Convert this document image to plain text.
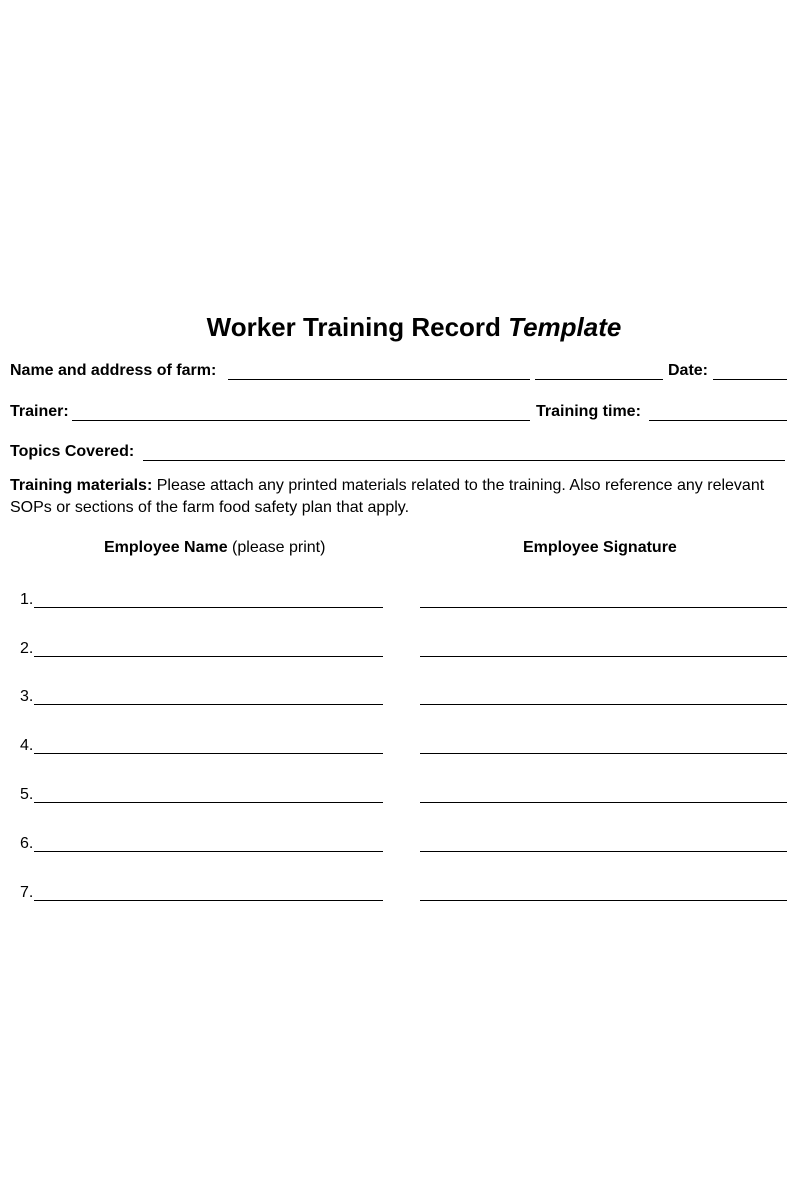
Worker Training Record Template
Name and address of farm:	Date:
Trainer:	Training time:
Topics Covered:
Training materials: Please attach any printed materials related to the training. Also reference any relevant SOPs or sections of the farm food safety plan that apply.
Employee Name (please print)	Employee Signature
1.
2.
3.
4.
5.
6.
7.
